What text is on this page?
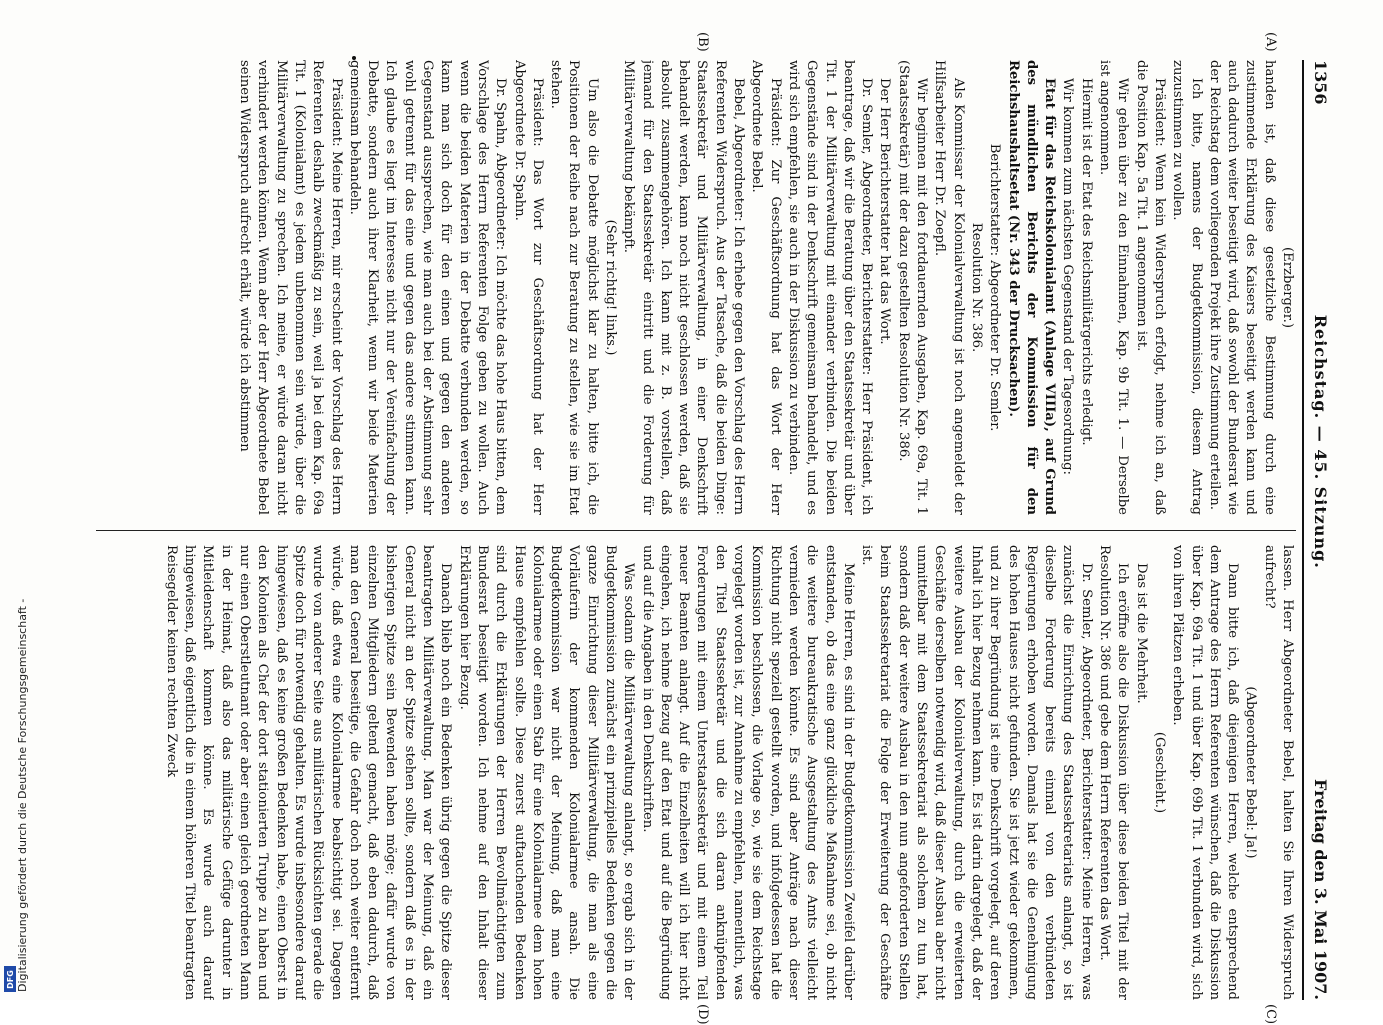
1356
Reichstag. — 45. Sitzung.
Freitag den 3. Mai 1907.
(A)
(B)
(C)
(D)

(Erzberger.)

handen ist, daß diese gesetzliche Bestimmung durch eine zustimmende Erklärung des Kaisers beseitigt werden kann und auch dadurch weiter beseitigt wird, daß sowohl der Bundesrat wie der Reichstag dem vorliegenden Projekt ihre Zustimmung erteilen.

Ich bitte, namens der Budgetkommission, diesem Antrag zuzustimmen zu wollen.

Präsident: Wenn kein Widerspruch erfolgt, nehme ich an, daß die Position Kap. 5a Tit. 1 angenommen ist.

Wir gehen über zu den Einnahmen, Kap. 9b Tit. 1. — Derselbe ist angenommen.

Hiermit ist der Etat des Reichsmilitärgerichts erledigt.

Wir kommen zum nächsten Gegenstand der Tagesordnung:

Etat für das Reichskolonialamt (Anlage VIIIa), auf Grund des mündlichen Berichts der Kommission für den Reichshaushaltsetat (Nr. 343 der Drucksachen).

Berichterstatter: Abgeordneter Dr. Semler.

Resolution Nr. 386.

Als Kommissar der Kolonialverwaltung ist noch angemeldet der Hilfsarbeiter Herr Dr. Zoepfl.

Wir beginnen mit den fortdauernden Ausgaben, Kap. 69a, Tit. 1 (Staatssekretär) mit der dazu gestellten Resolution Nr. 386.

Der Herr Berichterstatter hat das Wort.

Dr. Semler, Abgeordneter, Berichterstatter: Herr Präsident, ich beantrage, daß wir die Beratung über den Staatssekretär und über Tit. 1 der Militärverwaltung mit einander verbinden. Die beiden Gegenstände sind in der Denkschrift gemeinsam behandelt, und es wird sich empfehlen, sie auch in der Diskussion zu verbinden.

Präsident: Zur Geschäftsordnung hat das Wort der Herr Abgeordnete Bebel.

Bebel, Abgeordneter: Ich erhebe gegen den Vorschlag des Herrn Referenten Widerspruch. Aus der Tatsache, daß die beiden Dinge: Staatssekretär und Militärverwaltung, in einer Denkschrift behandelt werden, kann noch nicht geschlossen werden, daß sie absolut zusammengehören. Ich kann mit z. B. vorstellen, daß jemand für den Staatssekretär eintritt und die Forderung für Militärverwaltung bekämpft.

(Sehr richtig! links.)

Um also die Debatte möglichst klar zu halten, bitte ich, die Positionen der Reihe nach zur Beratung zu stellen, wie sie im Etat stehen.

Präsident: Das Wort zur Geschäftsordnung hat der Herr Abgeordnete Dr. Spahn.

Dr. Spahn, Abgeordneter: Ich möchte das hohe Haus bitten, dem Vorschlage des Herrn Referenten Folge geben zu wollen. Auch wenn die beiden Materien in der Debatte verbunden werden, so kann man sich doch für den einen und gegen den anderen Gegenstand aussprechen, wie man auch bei der Abstimmung sehr wohl getrennt für das eine und gegen das andere stimmen kann. Ich glaube es liegt im Interesse nicht nur der Vereinfachung der Debatte, sondern auch ihrer Klarheit, wenn wir beide Materien gemeinsam behandeln.

Präsident: Meine Herren, mir erscheint der Vorschlag des Herrn Referenten deshalb zweckmäßig zu sein, weil ja bei dem Kap. 69a Tit. 1 (Kolonialamt) es jedem unbenommen sein würde, über die Militärverwaltung zu sprechen. Ich meine, er würde daran nicht verhindert werden können. Wenn aber der Herr Abgeordnete Bebel seinen Widerspruch aufrecht erhält, würde ich abstimmen

lassen. Herr Abgeordneter Bebel, halten Sie Ihren Widerspruch aufrecht?

(Abgeordneter Bebel: Ja!)

Dann bitte ich, daß diejenigen Herren, welche entsprechend dem Antrage des Herrn Referenten wünschen, daß die Diskussion über Kap. 69a Tit. 1 und über Kap. 69b Tit. 1 verbunden wird, sich von ihren Plätzen erheben.

(Geschieht.)

Das ist die Mehrheit.

Ich eröffne also die Diskussion über diese beiden Titel mit der Resolution Nr. 386 und gebe dem Herrn Referenten das Wort.

Dr. Semler, Abgeordneter, Berichterstatter: Meine Herren, was zunächst die Einrichtung des Staatssekretariats anlangt, so ist dieselbe Forderung bereits einmal von den verbündeten Regierungen erhoben worden. Damals hat sie die Genehmigung des hohen Hauses nicht gefunden. Sie ist jetzt wieder gekommen, und zu ihrer Begründung ist eine Denkschrift vorgelegt, auf deren Inhalt ich hier Bezug nehmen kann. Es ist darin dargelegt, daß der weitere Ausbau der Kolonialverwaltung, durch die erweiterten Geschäfte derselben notwendig wird, daß dieser Ausbau aber nicht unmittelbar mit dem Staatssekretariat als solchem zu tun hat, sondern daß der weitere Ausbau in den nun angeforderten Stellen beim Staatssekretariat die Folge der Erweiterung der Geschäfte ist.

Meine Herren, es sind in der Budgetkommission Zweifel darüber entstanden, ob das eine ganz glückliche Maßnahme sei, ob nicht die weitere bureaukratische Ausgestaltung des Amts vielleicht vermieden werden könnte. Es sind aber Anträge nach dieser Richtung nicht speziell gestellt worden, und infolgedessen hat die Kommission beschlossen, die Vorlage so, wie sie dem Reichstage vorgelegt worden ist, zur Annahme zu empfehlen, namentlich, was den Titel Staatssekretär und die sich daran anknüpfenden Forderungen mit einem Unterstaatssekretär und mit einem Teil neuer Beamten anlangt. Auf die Einzelheiten will ich hier nicht eingehen, ich nehme Bezug auf den Etat und auf die Begründung und auf die Angaben in den Denkschriften.

Was sodann die Militärverwaltung anlangt, so ergab sich in der Budgetkommission zunächst ein prinzipielles Bedenken gegen die ganze Einrichtung dieser Militärverwaltung, die man als eine Vorläuferin der kommenden Kolonialarmee ansah. Die Budgetkommission war nicht der Meinung, daß man eine Kolonialarmee oder einen Stab für eine Kolonialarmee dem hohen Hause empfehlen sollte. Diese zuerst auftauchenden Bedenken sind durch die Erklärungen der Herren Bevollmächtigten zum Bundesrat beseitigt worden. Ich nehme auf den Inhalt dieser Erklärungen hier Bezug.

Danach blieb noch ein Bedenken übrig gegen die Spitze dieser beantragten Militärverwaltung. Man war der Meinung, daß ein General nicht an der Spitze stehen sollte, sondern daß es in der bisherigen Spitze sein Bewenden haben möge; dafür wurde von einzelnen Mitgliedern geltend gemacht, daß eben dadurch, daß man den General beseitige, die Gefahr doch noch weiter entfernt würde, daß etwa eine Kolonialarmee beabsichtigt sei. Dagegen wurde von anderer Seite aus militärischen Rücksichten gerade die Spitze doch für notwendig gehalten. Es wurde insbesondere darauf hingewiesen, daß es keine großen Bedenken habe, einen Oberst in den Kolonien als Chef der dort stationierten Truppe zu haben und nur einen Oberstleutnant oder aber einen gleich geordneten Mann in der Heimat, daß also das militärische Gefüge darunter in Mitleidenschaft kommen könne. Es wurde auch darauf hingewiesen, daß eigentlich die in einem höheren Titel beantragten Reisegelder keinen rechten Zweck

DFG Digitalisierung gefördert durch die Deutsche Forschungsgemeinschaft -
